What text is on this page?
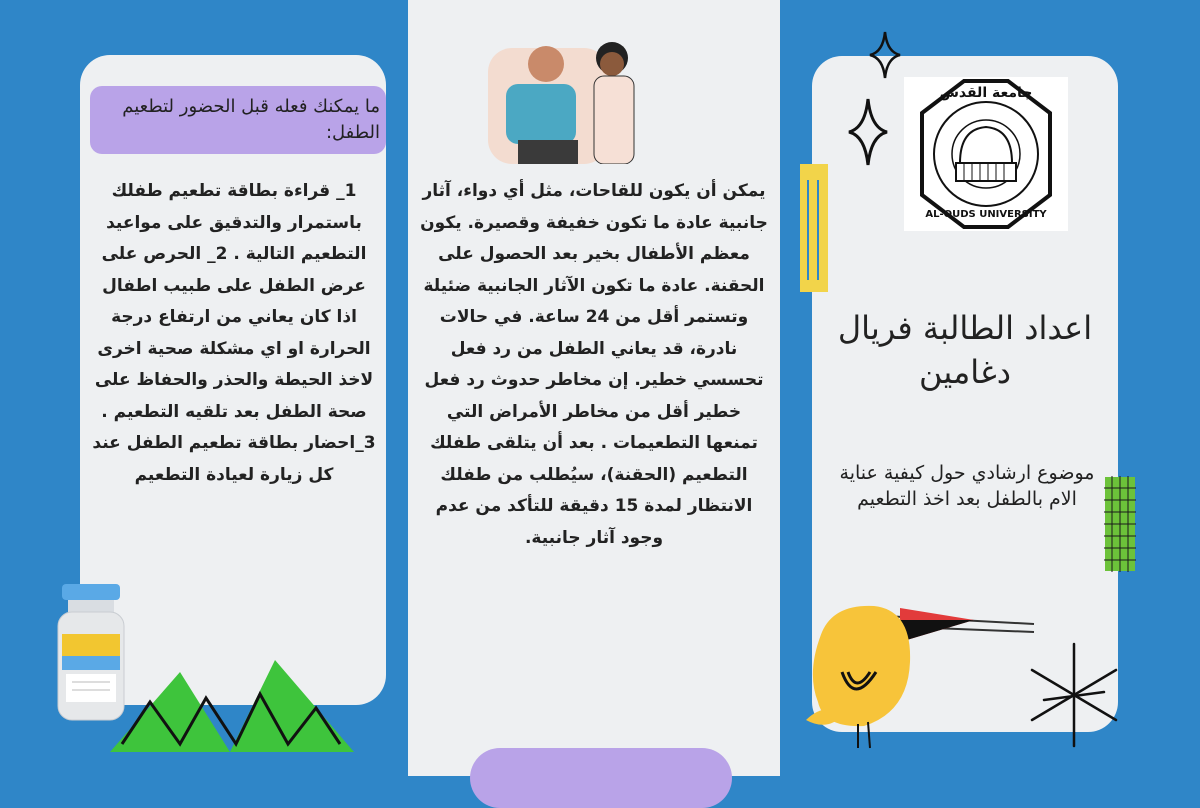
ما يمكنك فعله قبل الحضور لتطعيم الطفل:
1_ قراءة بطاقة تطعيم طفلك باستمرار والتدقيق على مواعيد التطعيم التالية . 2_ الحرص على عرض الطفل على طبيب اطفال اذا كان يعاني من ارتفاع درجة الحرارة او اي مشكلة صحية اخرى لاخذ الحيطة والحذر والحفاظ على صحة الطفل بعد تلقيه التطعيم . 3_احضار بطاقة تطعيم الطفل عند كل زيارة لعيادة التطعيم
يمكن أن يكون للقاحات، مثل أي دواء، آثار جانبية عادة ما تكون خفيفة وقصيرة. يكون معظم الأطفال بخير بعد الحصول على الحقنة. عادة ما تكون الآثار الجانبية ضئيلة وتستمر أقل من 24 ساعة. في حالات نادرة، قد يعاني الطفل من رد فعل تحسسي خطير. إن مخاطر حدوث رد فعل خطير أقل من مخاطر الأمراض التي تمنعها التطعيمات . بعد أن يتلقى طفلك التطعيم (الحقنة)، سيُطلب من طفلك الانتظار لمدة 15 دقيقة للتأكد من عدم وجود آثار جانبية.
جامعة القدس
AL-QUDS UNIVERSITY
اعداد الطالبة فريال دغامين
موضوع ارشادي حول كيفية عناية الام بالطفل بعد اخذ التطعيم
